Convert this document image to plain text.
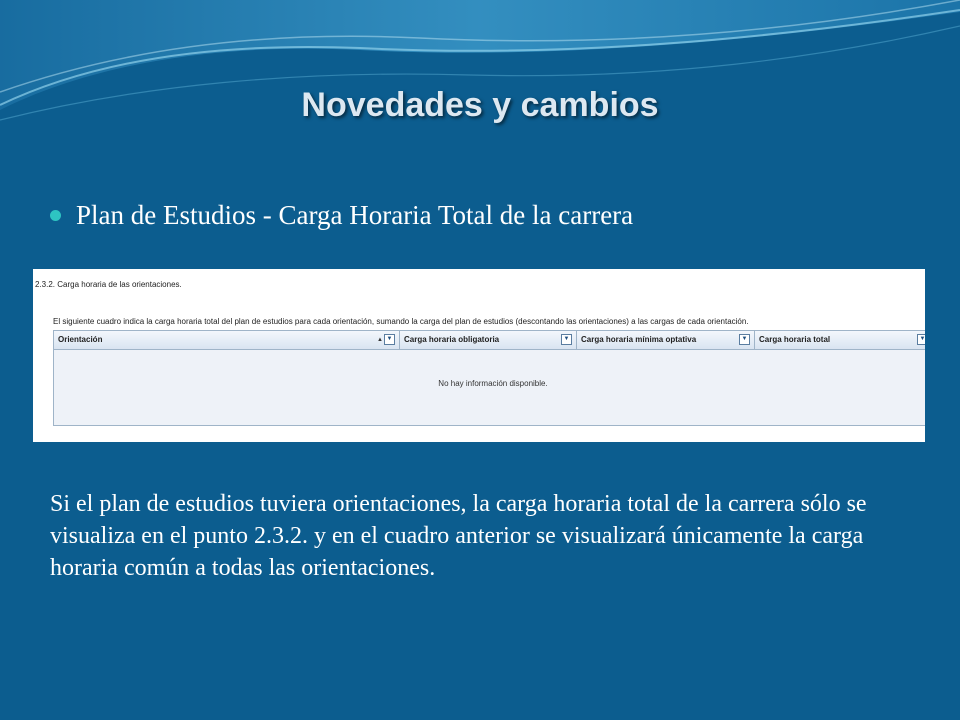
Novedades y cambios
Plan de Estudios - Carga Horaria Total de la carrera
2.3.2. Carga horaria de las orientaciones.
El siguiente cuadro indica la carga horaria total del plan de estudios para cada orientación, sumando la carga del plan de estudios (descontando las orientaciones) a las cargas de cada orientación.
Orientación	▲ ▼	Carga horaria obligatoria	▼	Carga horaria mínima optativa	▼	Carga horaria total	▼
No hay información disponible.
Si el plan de estudios tuviera orientaciones, la carga horaria total de la carrera sólo se visualiza en el punto 2.3.2. y en el cuadro anterior se visualizará únicamente la carga horaria común a todas las orientaciones.
